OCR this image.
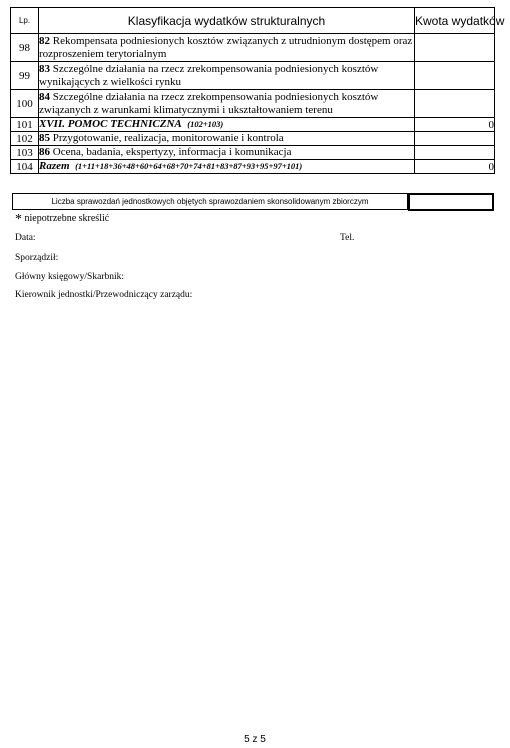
Lp.	Klasyfikacja wydatków strukturalnych	Kwota wydatków
98	82 Rekompensata podniesionych kosztów związanych z utrudnionym dostępem oraz rozproszeniem terytorialnym	
99	83 Szczególne działania na rzecz zrekompensowania podniesionych kosztów wynikających z wielkości rynku	
100	84 Szczególne działania na rzecz zrekompensowania podniesionych kosztów związanych z warunkami klimatycznymi i ukształtowaniem terenu	
101	XVII. POMOC TECHNICZNA (102+103)	0
102	85 Przygotowanie, realizacja, monitorowanie i kontrola	
103	86 Ocena, badania, ekspertyzy, informacja i komunikacja	
104	Razem (1+11+18+36+48+60+64+68+70+74+81+83+87+93+95+97+101)	0
Liczba sprawozdań jednostkowych objętych sprawozdaniem skonsolidowanym zbiorczym
* niepotrzebne skreślić
Data:	Tel.
Sporządził:
Główny księgowy/Skarbnik:
Kierownik jednostki/Przewodniczący zarządu:
5 z 5
